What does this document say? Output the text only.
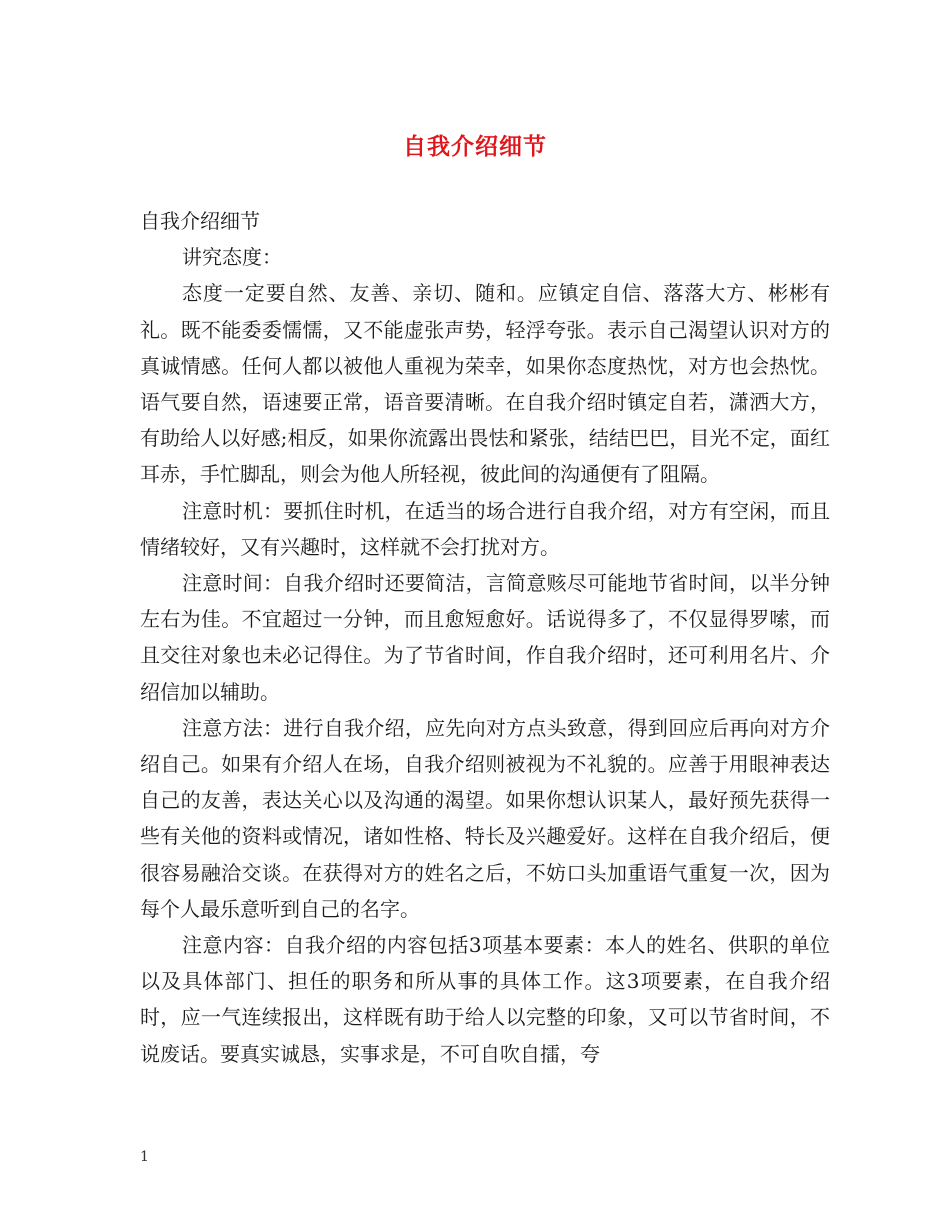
自我介绍细节

自我介绍细节

讲究态度：

态度一定要自然、友善、亲切、随和。应镇定自信、落落大方、彬彬有礼。既不能委委懦懦，又不能虚张声势，轻浮夸张。表示自己渴望认识对方的真诚情感。任何人都以被他人重视为荣幸，如果你态度热忱，对方也会热忱。语气要自然，语速要正常，语音要清晰。在自我介绍时镇定自若，潇洒大方，有助给人以好感;相反，如果你流露出畏怯和紧张，结结巴巴，目光不定，面红耳赤，手忙脚乱，则会为他人所轻视，彼此间的沟通便有了阻隔。

注意时机：要抓住时机，在适当的场合进行自我介绍，对方有空闲，而且情绪较好，又有兴趣时，这样就不会打扰对方。

注意时间：自我介绍时还要简洁，言简意赅尽可能地节省时间，以半分钟左右为佳。不宜超过一分钟，而且愈短愈好。话说得多了，不仅显得罗嗦，而且交往对象也未必记得住。为了节省时间，作自我介绍时，还可利用名片、介绍信加以辅助。

注意方法：进行自我介绍，应先向对方点头致意，得到回应后再向对方介绍自己。如果有介绍人在场，自我介绍则被视为不礼貌的。应善于用眼神表达自己的友善，表达关心以及沟通的渴望。如果你想认识某人，最好预先获得一些有关他的资料或情况，诸如性格、特长及兴趣爱好。这样在自我介绍后，便很容易融洽交谈。在获得对方的姓名之后，不妨口头加重语气重复一次，因为每个人最乐意听到自己的名字。

注意内容：自我介绍的内容包括3项基本要素：本人的姓名、供职的单位以及具体部门、担任的职务和所从事的具体工作。这3项要素，在自我介绍时，应一气连续报出，这样既有助于给人以完整的印象，又可以节省时间，不说废话。要真实诚恳，实事求是，不可自吹自擂，夸

1
